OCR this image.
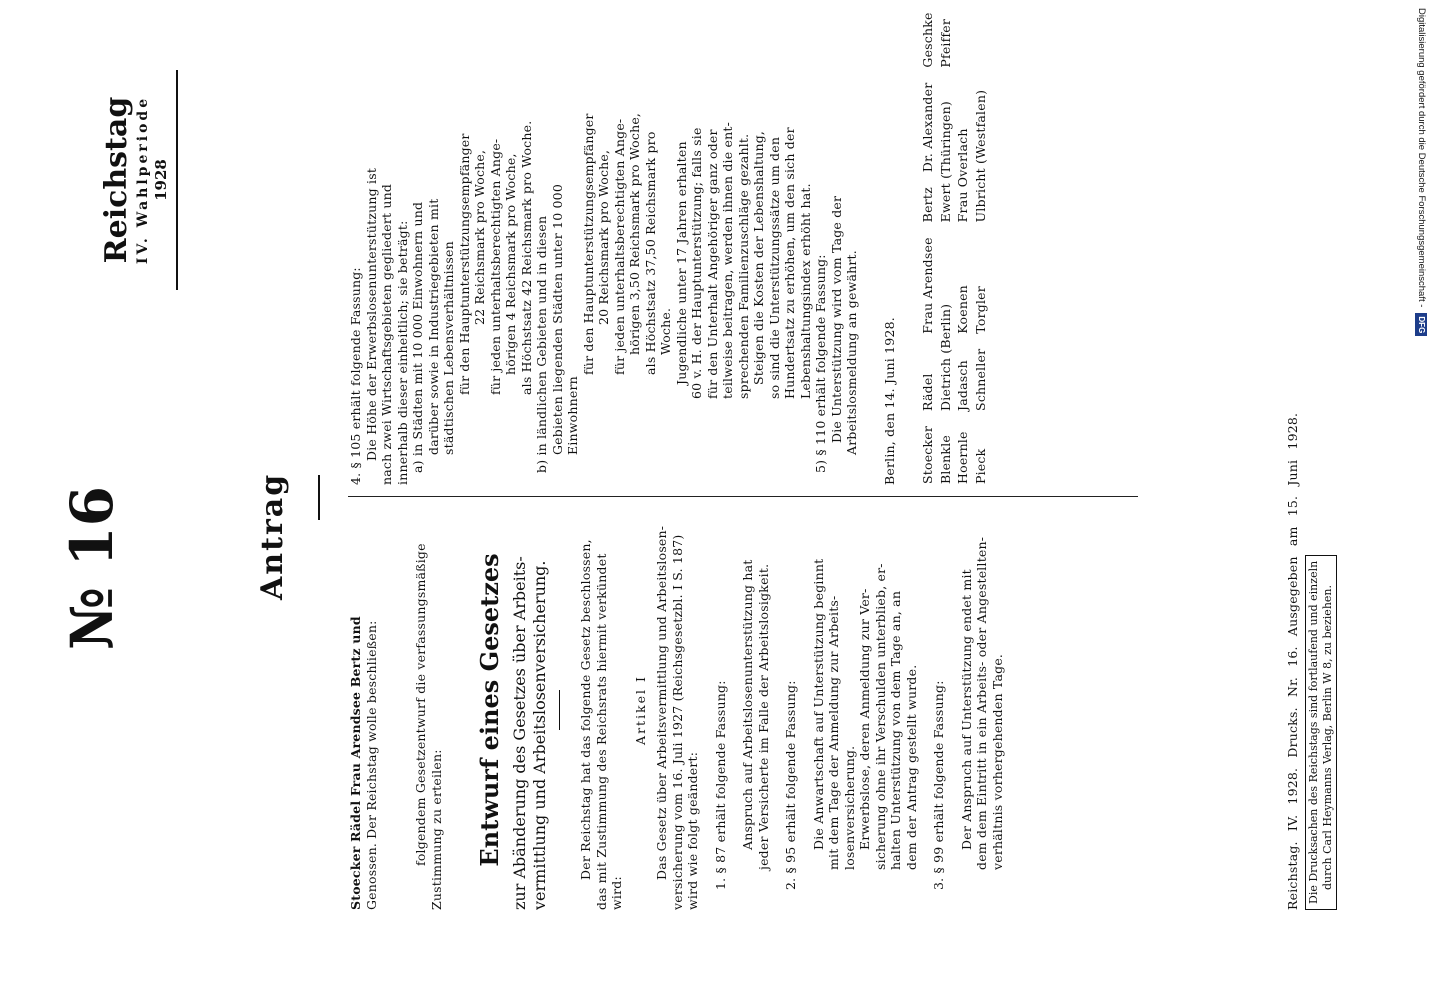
№ 16
Reichstag IV. Wahlperiode 1928
Antrag
Stoecker Rädel Frau Arendsee Bertz und Genossen. Der Reichstag wolle beschließen:	folgendem Gesetzentwurf die verfassungsmäßige Zustimmung zu erteilen: Entwurf eines Gesetzes zur Abänderung des Gesetzes über Arbeits- vermittlung und Arbeitslosenversicherung. Der Reichstag hat das folgende Gesetz beschlossen, das mit Zustimmung des Reichsrats hiermit verkündet wird:
Artikel I Das Gesetz über Arbeitsvermittlung und Arbeitslosen- versicherung vom 16. Juli 1927 (Reichsgesetzbl. I S. 187) wird wie folgt geändert: 1. § 87 erhält folgende Fassung: Anspruch auf Arbeitslosenunterstützung hat jeder Versicherte im Falle der Arbeitslosigkeit. 2. § 95 erhält folgende Fassung: Die Anwartschaft auf Unterstützung beginnt mit dem Tage der Anmeldung zur Arbeits- losenversicherung. Erwerbslose, deren Anmeldung zur Ver- sicherung ohne ihr Verschulden unterblieb, er- halten Unterstützung von dem Tage an, an dem der Antrag gestellt wurde. 3. § 99 erhält folgende Fassung: Der Anspruch auf Unterstützung endet mit dem dem Eintritt in ein Arbeits- oder Angestellten- verhältnis vorhergehenden Tage.
4. § 105 erhält folgende Fassung: Die Höhe der Erwerbslosenunterstützung ist nach zwei Wirtschaftsgebieten gegliedert und innerhalb dieser einheitlich; sie beträgt: a) in Städten mit 10 000 Einwohnern und darüber sowie in Industriegebieten mit städtischen Lebensverhältnissen für den Hauptunterstützungsempfänger 22 Reichsmark pro Woche, für jeden unterhaltsberechtigten Ange- hörigen 4 Reichsmark pro Woche, als Höchstsatz 42 Reichsmark pro Woche. b) in ländlichen Gebieten und in diesen Gebieten liegenden Städten unter 10 000 Einwohnern
für den Hauptunterstützungsempfänger 20 Reichsmark pro Woche, für jeden unterhaltsberechtigten Ange- hörigen 3,50 Reichsmark pro Woche, als Höchstsatz 37,50 Reichsmark pro Woche. Jugendliche unter 17 Jahren erhalten 60 v. H. der Hauptunterstützung; falls sie für den Unterhalt Angehöriger ganz oder teilweise beitragen, werden ihnen die ent- sprechenden Familienzuschläge gezahlt. Steigen die Kosten der Lebenshaltung, so sind die Unterstützungssätze um den Hundertsatz zu erhöhen, um den sich der Lebenshaltungsindex erhöht hat. 5) § 110 erhält folgende Fassung: Die Unterstützung wird vom Tage der Arbeitslosmeldung an gewährt. Berlin, den 14. Juni 1928. Stoecker	Rädel	Frau Arendsee	Bertz	Dr. Alexander	Geschke
Blenkle	Dietrich (Berlin)		Ewert (Thüringen)		Pfeiffer
Hoernle	Jadasch	Koenen	Frau Overlach		
Pieck	Schneller	Torgler	Ulbricht (Westfalen)		
Reichstag. IV. 1928. Drucks. Nr. 16. Ausgegeben am 15. Juni 1928. Die Drucksachen des Reichstags sind fortlaufend und einzeln durch Carl Heymanns Verlag, Berlin W 8, zu beziehen.
Digitalisierung gefördert durch die Deutsche Forschungsgemeinschaft -DFG
